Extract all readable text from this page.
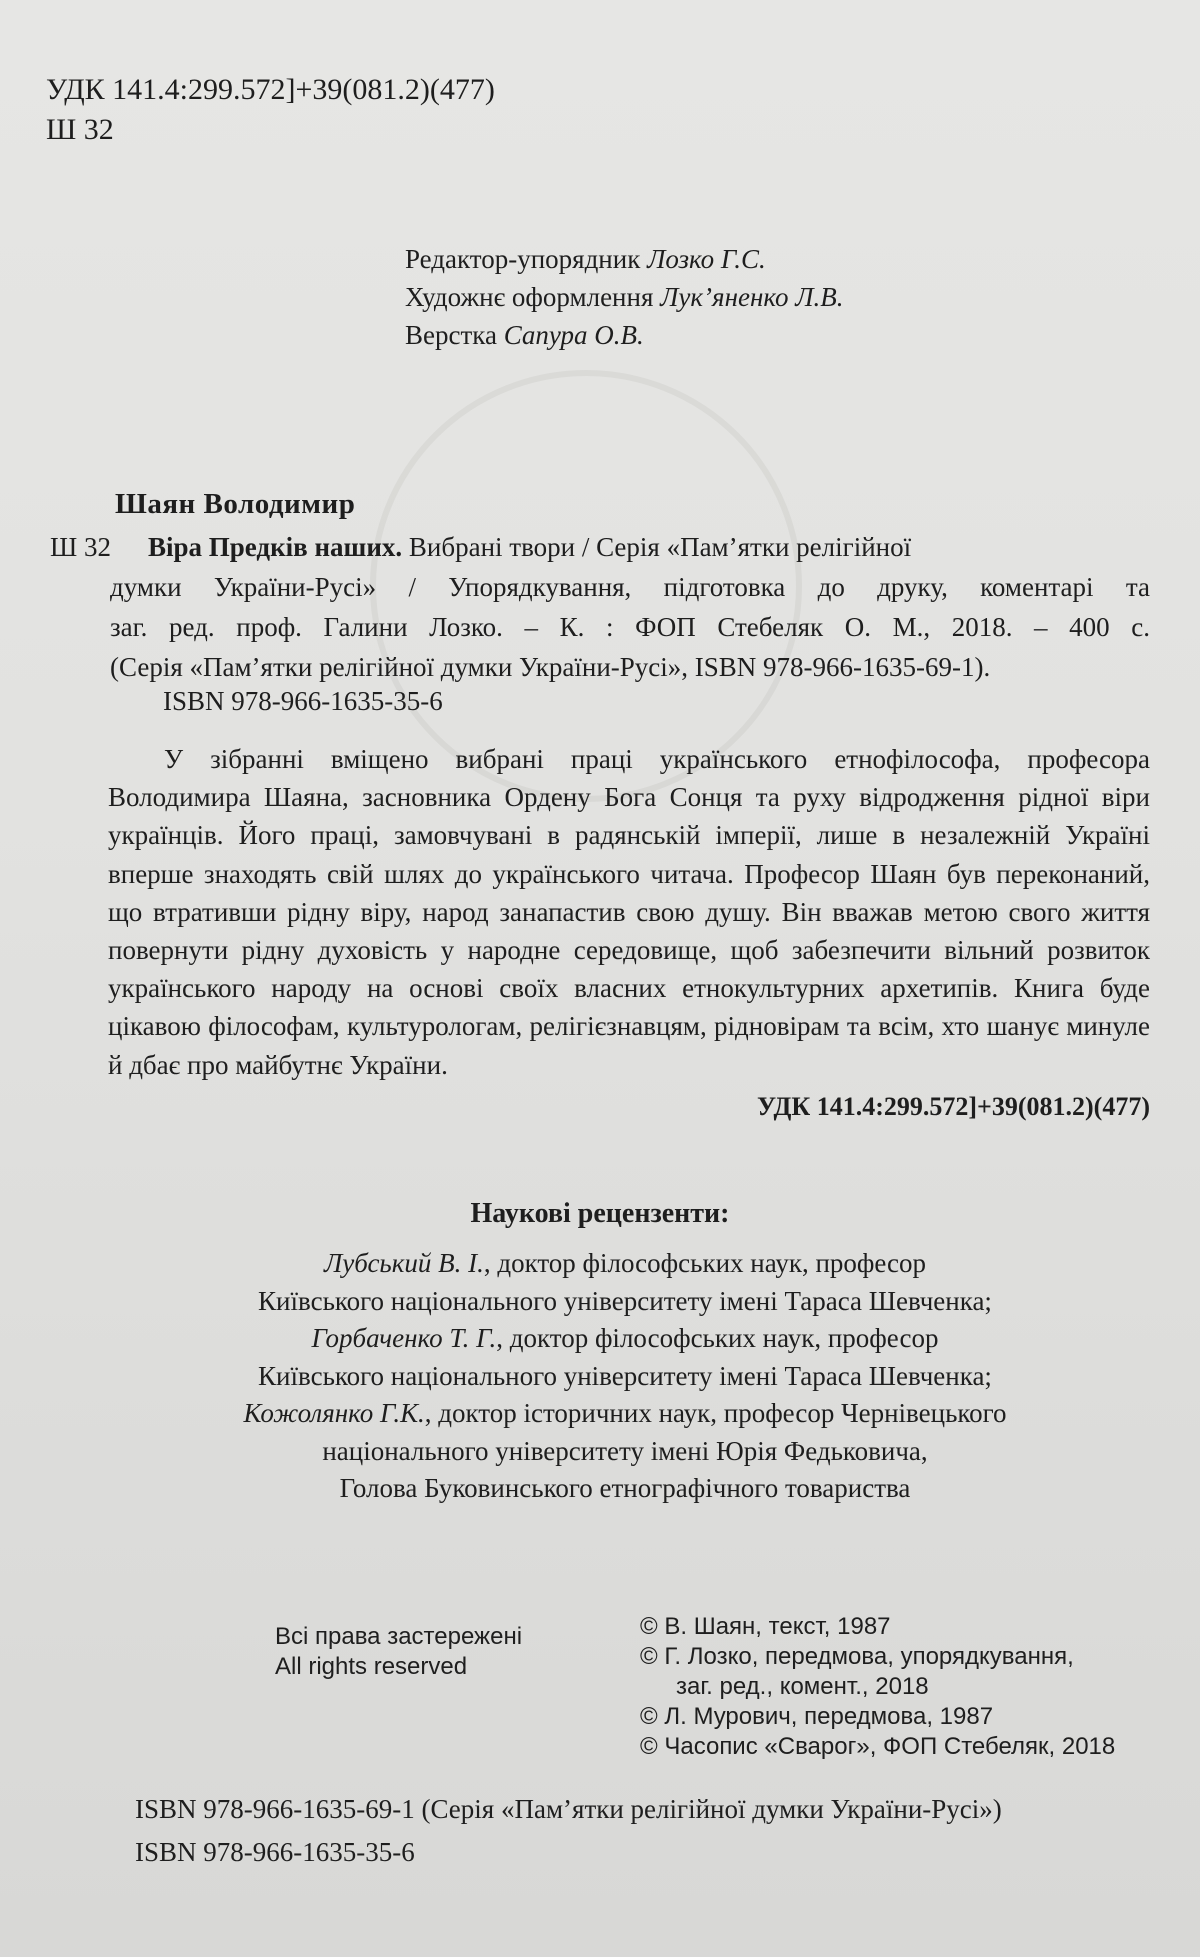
УДК 141.4:299.572]+39(081.2)(477)
Ш 32
Редактор-упорядник Лозко Г.С.
Художнє оформлення Лук’яненко Л.В.
Верстка Сапура О.В.
Шаян Володимир
Ш 32 Віра Предків наших. Вибрані твори / Серія «Пам’ятки релігійної
думки України-Русі» / Упорядкування, підготовка до друку, коментарі та
заг. ред. проф. Галини Лозко. – К. : ФОП Стебеляк О. М., 2018. – 400 с.
(Серія «Пам’ятки релігійної думки України-Русі», ISBN 978-966-1635-69-1).
ISBN 978-966-1635-35-6

У зібранні вміщено вибрані праці українського етнофілософа, професора Володимира Шаяна, засновника Ордену Бога Сонця та руху відродження рідної віри українців. Його праці, замовчувані в радянській імперії, лише в незалежній Україні вперше знаходять свій шлях до українського читача. Професор Шаян був переконаний, що втративши рідну віру, народ занапастив свою душу. Він вважав метою свого життя повернути рідну духовість у народне середовище, щоб забезпечити вільний розвиток українського народу на основі своїх власних етнокультурних архетипів. Книга буде цікавою філософам, культурологам, релігієзнавцям, рідновірам та всім, хто шанує минуле й дбає про майбутнє України.

УДК 141.4:299.572]+39(081.2)(477)
Наукові рецензенти:
Лубський В. І., доктор філософських наук, професор
Київського національного університету імені Тараса Шевченка;
Горбаченко Т. Г., доктор філософських наук, професор
Київського національного університету імені Тараса Шевченка;
Кожолянко Г.К., доктор історичних наук, професор Чернівецького
національного університету імені Юрія Федьковича,
Голова Буковинського етнографічного товариства
Всі права застережені
All rights reserved
© В. Шаян, текст, 1987
© Г. Лозко, передмова, упорядкування,
заг. ред., комент., 2018
© Л. Мурович, передмова, 1987
© Часопис «Сварог», ФОП Стебеляк, 2018
ISBN 978-966-1635-69-1 (Серія «Пам’ятки релігійної думки України-Русі»)
ISBN 978-966-1635-35-6
